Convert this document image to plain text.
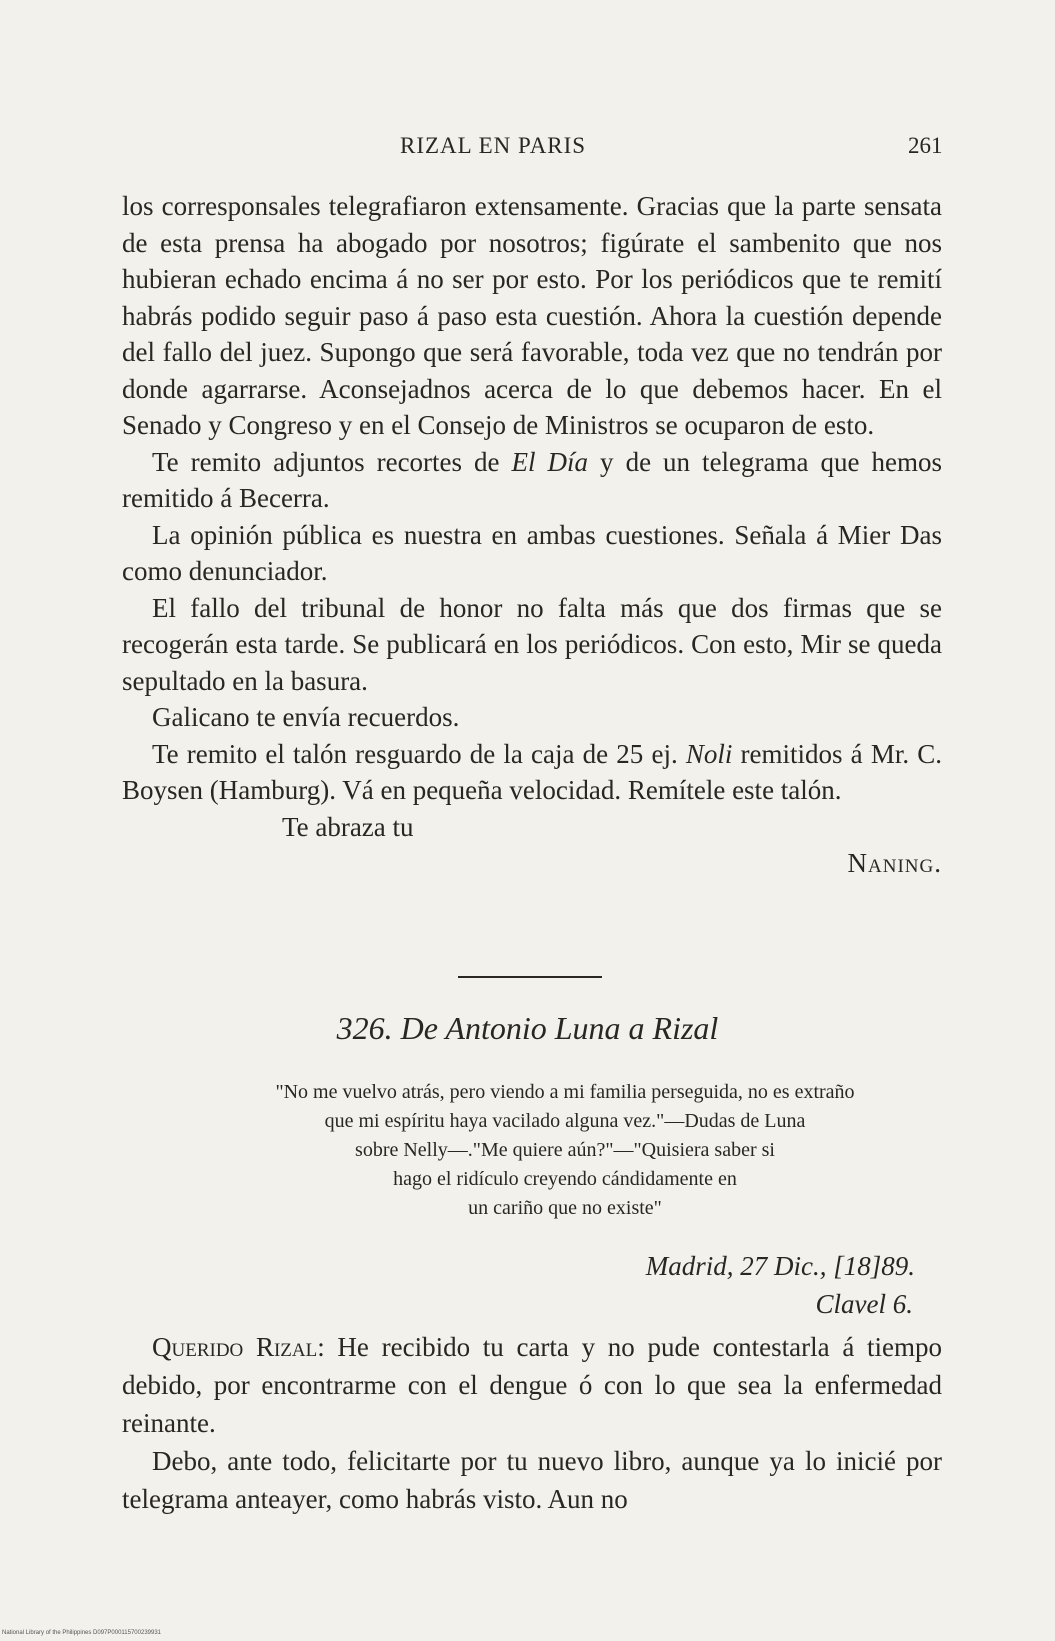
RIZAL EN PARIS	261

los corresponsales telegrafiaron extensamente. Gracias que la parte sensata de esta prensa ha abogado por nosotros; figúrate el sambenito que nos hubieran echado encima á no ser por esto. Por los periódicos que te remití habrás podido seguir paso á paso esta cuestión. Ahora la cuestión depende del fallo del juez. Supongo que será favorable, toda vez que no tendrán por donde agarrarse. Aconsejadnos acerca de lo que debemos hacer. En el Senado y Congreso y en el Consejo de Ministros se ocuparon de esto.

Te remito adjuntos recortes de El Día y de un telegrama que hemos remitido á Becerra.

La opinión pública es nuestra en ambas cuestiones. Señala á Mier Das como denunciador.

El fallo del tribunal de honor no falta más que dos firmas que se recogerán esta tarde. Se publicará en los periódicos. Con esto, Mir se queda sepultado en la basura.

Galicano te envía recuerdos.

Te remito el talón resguardo de la caja de 25 ej. Noli remitidos á Mr. C. Boysen (Hamburg). Vá en pequeña velocidad. Remítele este talón.

Te abraza tu

Naning.

326. De Antonio Luna a Rizal

"No me vuelvo atrás, pero viendo a mi familia perseguida, no es extraño

que mi espíritu haya vacilado alguna vez."—Dudas de Luna

sobre Nelly—."Me quiere aún?"—"Quisiera saber si

hago el ridículo creyendo cándidamente en

un cariño que no existe"

Madrid, 27 Dic., [18]89.
Clavel 6.

Querido Rizal: He recibido tu carta y no pude contestarla á tiempo debido, por encontrarme con el dengue ó con lo que sea la enfermedad reinante.

Debo, ante todo, felicitarte por tu nuevo libro, aunque ya lo inicié por telegrama anteayer, como habrás visto. Aun no

National Library of the Philippines D097P000115700239931
